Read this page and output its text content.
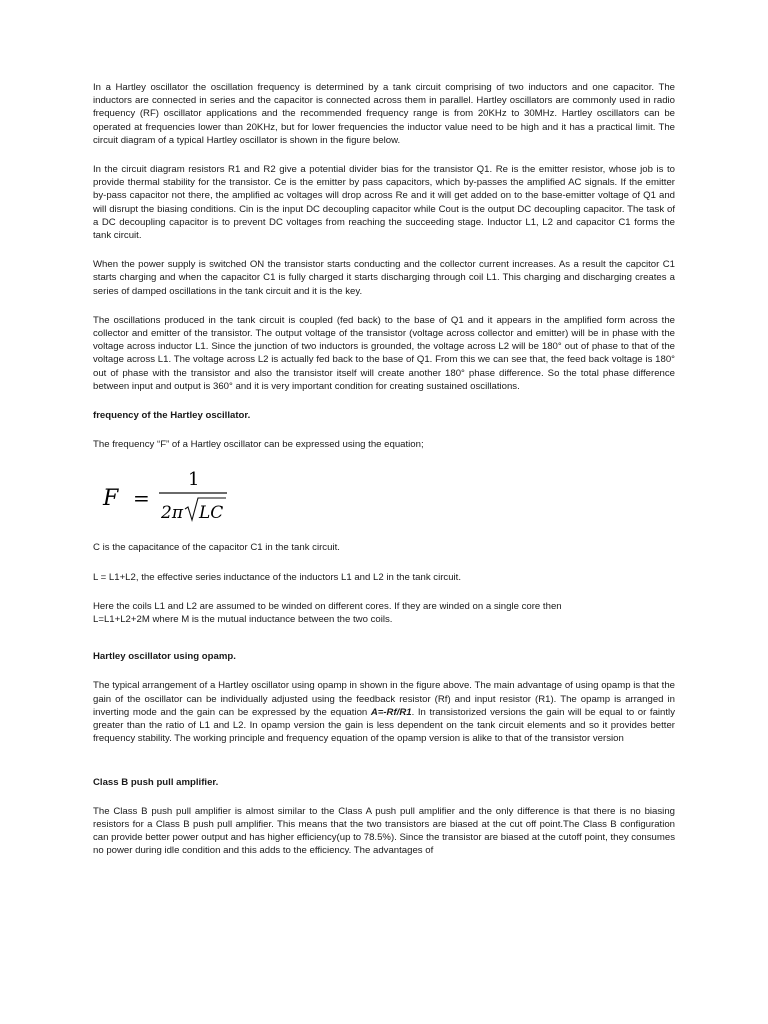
In a Hartley oscillator the oscillation frequency is determined by a tank circuit comprising of two inductors and one capacitor. The inductors are connected in series and the capacitor is connected across them in parallel. Hartley oscillators are commonly used in radio frequency (RF) oscillator applications and the recommended frequency range is from 20KHz to 30MHz. Hartley oscillators can be operated at frequencies lower than 20KHz, but for lower frequencies the inductor value need to be high and it has a practical limit. The circuit diagram of a typical Hartley oscillator is shown in the figure below.

In the circuit diagram resistors R1 and R2 give a potential divider bias for the transistor Q1. Re is the emitter resistor, whose job is to provide thermal stability for the transistor. Ce is the emitter by pass capacitors, which by-passes the amplified AC signals. If the emitter by-pass capacitor not there, the amplified ac voltages will drop across Re and it will get added on to the base-emitter voltage of Q1 and will disrupt the biasing conditions. Cin is the input DC decoupling capacitor while Cout is the output DC decoupling capacitor. The task of a DC decoupling capacitor is to prevent DC voltages from reaching the succeeding stage. Inductor L1, L2 and capacitor C1 forms the tank circuit.

When the power supply is switched ON the transistor starts conducting and the collector current increases. As a result the capcitor C1 starts charging and when the capacitor C1 is fully charged it starts discharging through coil L1. This charging and discharging creates a series of damped oscillations in the tank circuit and it is the key.

The oscillations produced in the tank circuit is coupled (fed back) to the base of Q1 and it appears in the amplified form across the collector and emitter of the transistor. The output voltage of the transistor (voltage across collector and emitter) will be in phase with the voltage across inductor L1. Since the junction of two inductors is grounded, the voltage across L2 will be 180° out of phase to that of the voltage across L1. The voltage across L2 is actually fed back to the base of Q1. From this we can see that, the feed back voltage is 180° out of phase with the transistor and also the transistor itself will create another 180° phase difference. So the total phase difference between input and output is 360° and it is very important condition for creating sustained oscillations.

frequency of the Hartley oscillator.

The frequency “F” of a Hartley oscillator can be expressed using the equation;

F =
1
2π LC

C is the capacitance of the capacitor C1 in the tank circuit.

L = L1+L2, the effective series inductance of the inductors L1 and L2 in the tank circuit.

Here the coils L1 and L2 are assumed to be winded on different cores. If they are winded on a single core then

L=L1+L2+2M where M is the mutual inductance between the two coils.

Hartley oscillator using opamp.

The typical arrangement of a Hartley oscillator using opamp in shown in the figure above. The main advantage of using opamp is that the gain of the oscillator can be individually adjusted using the feedback resistor (Rf) and input resistor (R1). The opamp is arranged in inverting mode and the gain can be expressed by the equation A=-Rf/R1. In transistorized versions the gain will be equal to or faintly greater than the ratio of L1 and L2. In opamp version the gain is less dependent on the tank circuit elements and so it provides better frequency stability. The working principle and frequency equation of the opamp version is alike to that of the transistor version

Class B push pull amplifier.

The Class B push pull amplifier is almost similar to the Class A push pull amplifier and the only difference is that there is no biasing resistors for a Class B push pull amplifier. This means that the two transistors are biased at the cut off point.The Class B configuration can provide better power output and has higher efficiency(up to 78.5%). Since the transistor are biased at the cutoff point, they consumes no power during idle condition and this adds to the efficiency. The advantages of
